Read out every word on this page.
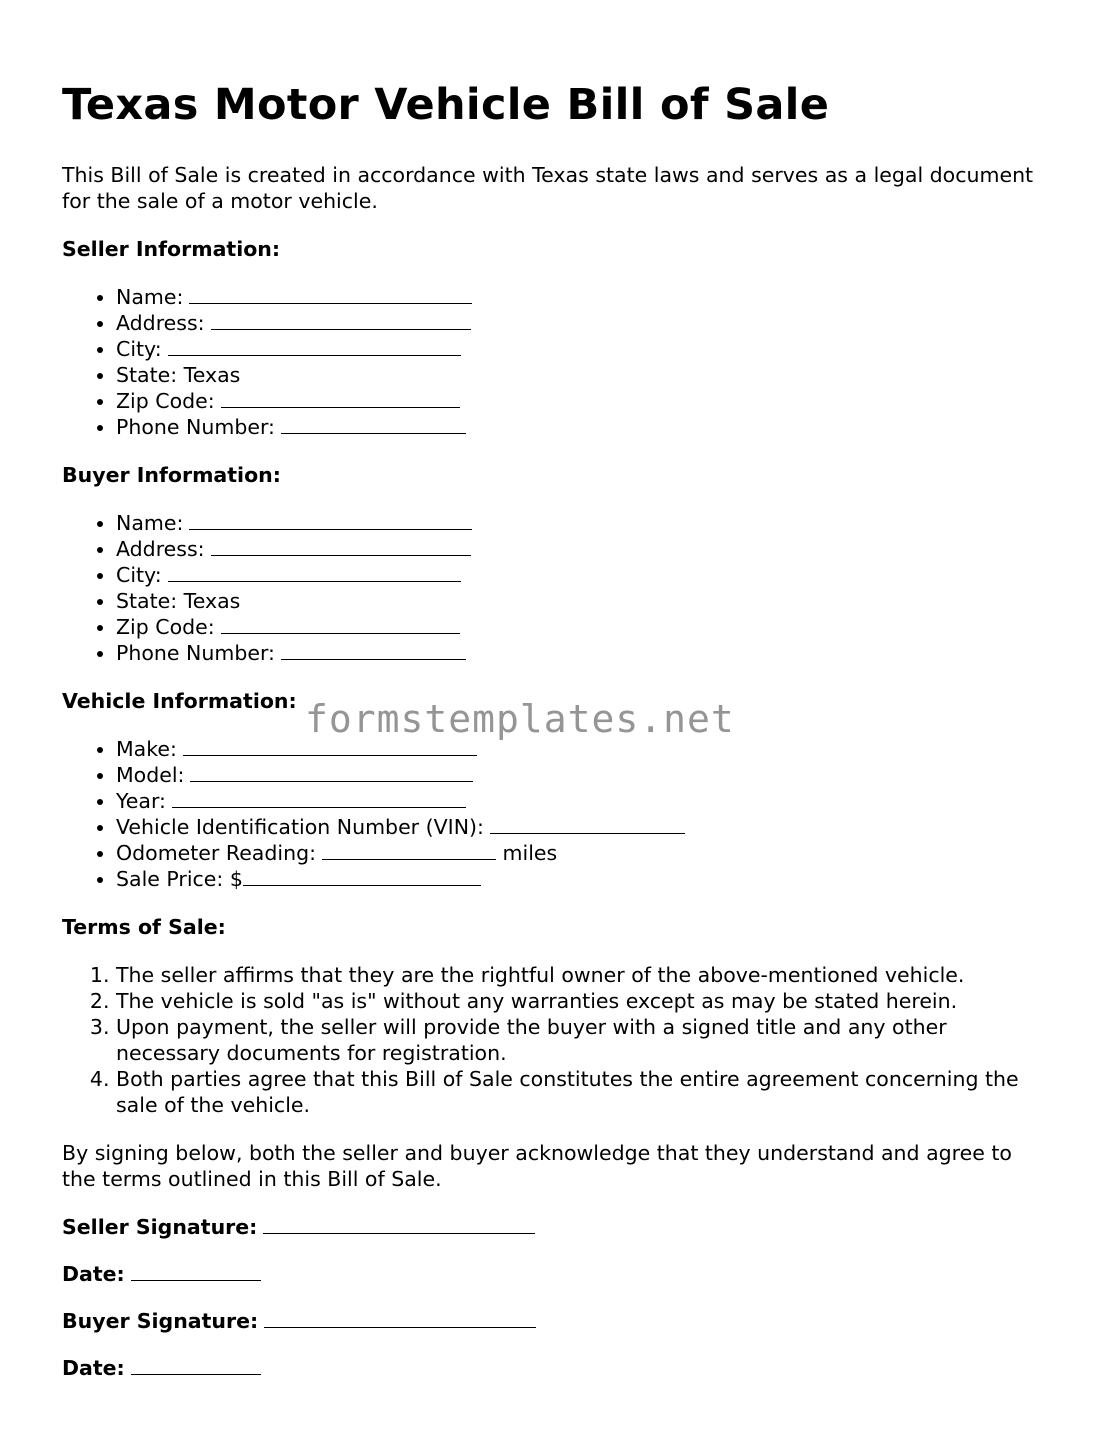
Texas Motor Vehicle Bill of Sale

This Bill of Sale is created in accordance with Texas state laws and serves as a legal document for the sale of a motor vehicle.

Seller Information:
• Name:
• Address:
• City:
• State: Texas
• Zip Code:
• Phone Number:
Buyer Information:
• Name:
• Address:
• City:
• State: Texas
• Zip Code:
• Phone Number:
Vehicle Information:
• Make:
• Model:
• Year:
• Vehicle Identification Number (VIN):
• Odometer Reading:	miles
• Sale Price: $
Terms of Sale:
1. The seller affirms that they are the rightful owner of the above-mentioned vehicle.
2. The vehicle is sold "as is" without any warranties except as may be stated herein.
3. Upon payment, the seller will provide the buyer with a signed title and any other necessary documents for registration.
4. Both parties agree that this Bill of Sale constitutes the entire agreement concerning the sale of the vehicle.

By signing below, both the seller and buyer acknowledge that they understand and agree to the terms outlined in this Bill of Sale.

Seller Signature:
Date:
Buyer Signature:
Date:
formstemplates.net
